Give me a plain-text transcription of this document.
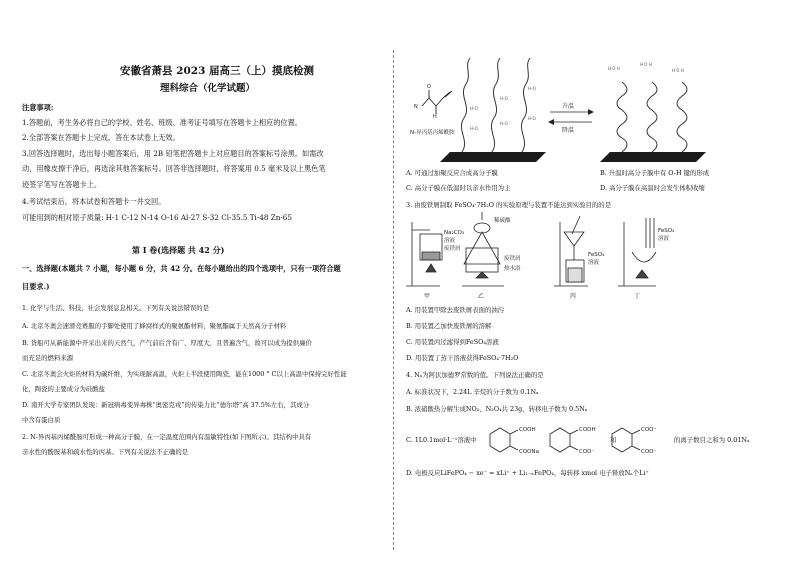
安徽省萧县 2023 届高三（上）摸底检测
理科综合（化学试题）
注意事项:
1.答题前，考生务必将自己的学校、姓名、班级、准考证号填写在答题卡上相应的位置。
2.全部答案在答题卡上完成，答在本试卷上无效。
3.回答选择题时，选出每小题答案后，用 2B 铅笔把答题卡上对应题目的答案标号涂黑。如需改
动，用橡皮擦干净后，再选涂其他答案标号。回答非选择题时，将答案用 0.5 毫米及以上黑色笔
迹签字笔写在答题卡上。
4.考试结束后，将本试卷和答题卡一并交回。
可能用到的相对原子质量: H-1 C-12 N-14 O-16 Al-27 S-32 Cl-35.5 Ti-48 Zn-65
第 Ⅰ 卷(选择题 共 42 分)
一、选择题(本题共 7 小题，每小题 6 分，共 42 分。在每小题给出的四个选项中，只有一项符合题
目要求.)
1. 化学与生活、科技、社会发展息息相关。下列有关说法错误的是
A. 北京冬奥会速滑竞赛服的手脚处使用了蜂窝样式的聚氨酯材料，聚氨酯属于天然高分子材料
B. 货船可从新能源中开采出来的天然气，产气前后含有广、厚度大，且普遍含气，故可以成为提供廉价
而充足的燃料来源
C. 北京冬奥会火炬的材料为碳纤维，为实现耐高温，火炬上半段使用陶瓷，能在1000 ° C以上高温中保持完好性能
化，陶瓷的主要成分为硅酸盐
D. 南开大学专家团队发现：新冠病毒变异毒株“奥密克戎”的传染力比“德尔塔”高 37.5%左右，其成分
中含有蛋白质
2. N-异丙基丙烯酰胺可形成一种高分子膜，在一定温度范围内有温敏特性(如下图所示)。其结构中具有
亲水性的酰胺基和疏水性的丙基。下列有关说法不正确的是
H
O
N	H-O
H-O
H-O
H-O
H-O
H-O
升温
降温
H O H
H O H
H O H
N-异丙基丙烯酰胺
A. 可通过加聚反应合成高分子膜	B. 升温时高分子膜中有 O-H 键的形成
C. 高分子膜在低温时以亲水作用为主	D. 高分子膜在高温时会发生体积收缩
3. 由废铁屑制取 FeSO₄·7H₂O 的实验原理与装置不能达到实验目的的是
Na₂CO₃
溶液
废铁屑
稀硫酸
废铁屑
热水浴
FeSO₄
溶液
FeSO₄
溶液
甲	乙	丙	丁
A. 用装置甲除去废铁屑表面的油污
B. 用装置乙加快废铁屑的溶解
C. 用装置丙过滤得到FeSO₄溶液
D. 用装置丁蒸干溶液获得FeSO₄·7H₂O
4. Nₐ为阿伏加德罗常数的值。下列说法正确的是
A. 标准状况下，2.24L 辛烷的分子数为 0.1Nₐ
B. 浓硝酸热分解生成NO₂、N₂O₄共 23g，转移电子数为 0.5Nₐ
C. 1L0.1mol·L⁻¹溶液中
COOH
COONa
COOH
COO⁻
COO⁻
COO⁻
和	的离子数目之和为 0.01Nₐ
D. 电极反应LiFePO₄ − xe⁻ = xLi⁺ + Li₁₋ₓFePO₄，每转移 xmol 电子释放Nₐ个Li⁺
